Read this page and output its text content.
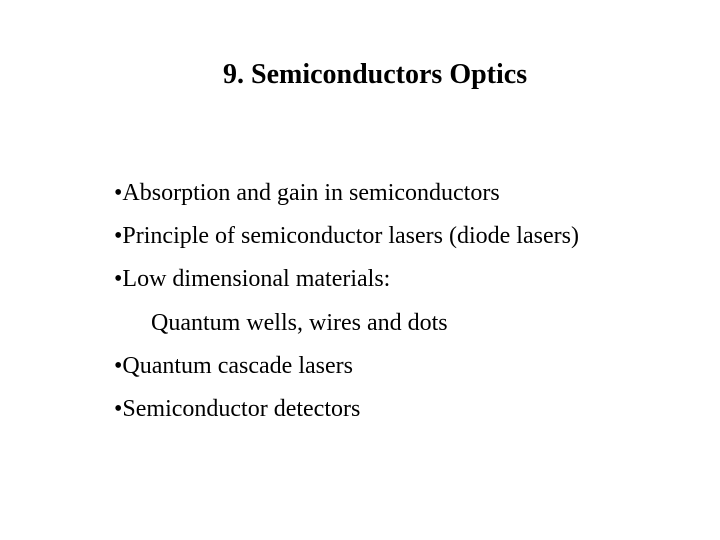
9. Semiconductors Optics
•Absorption and gain in semiconductors
•Principle of semiconductor lasers (diode lasers)
•Low dimensional materials:
Quantum wells, wires and dots
•Quantum cascade lasers
•Semiconductor detectors
